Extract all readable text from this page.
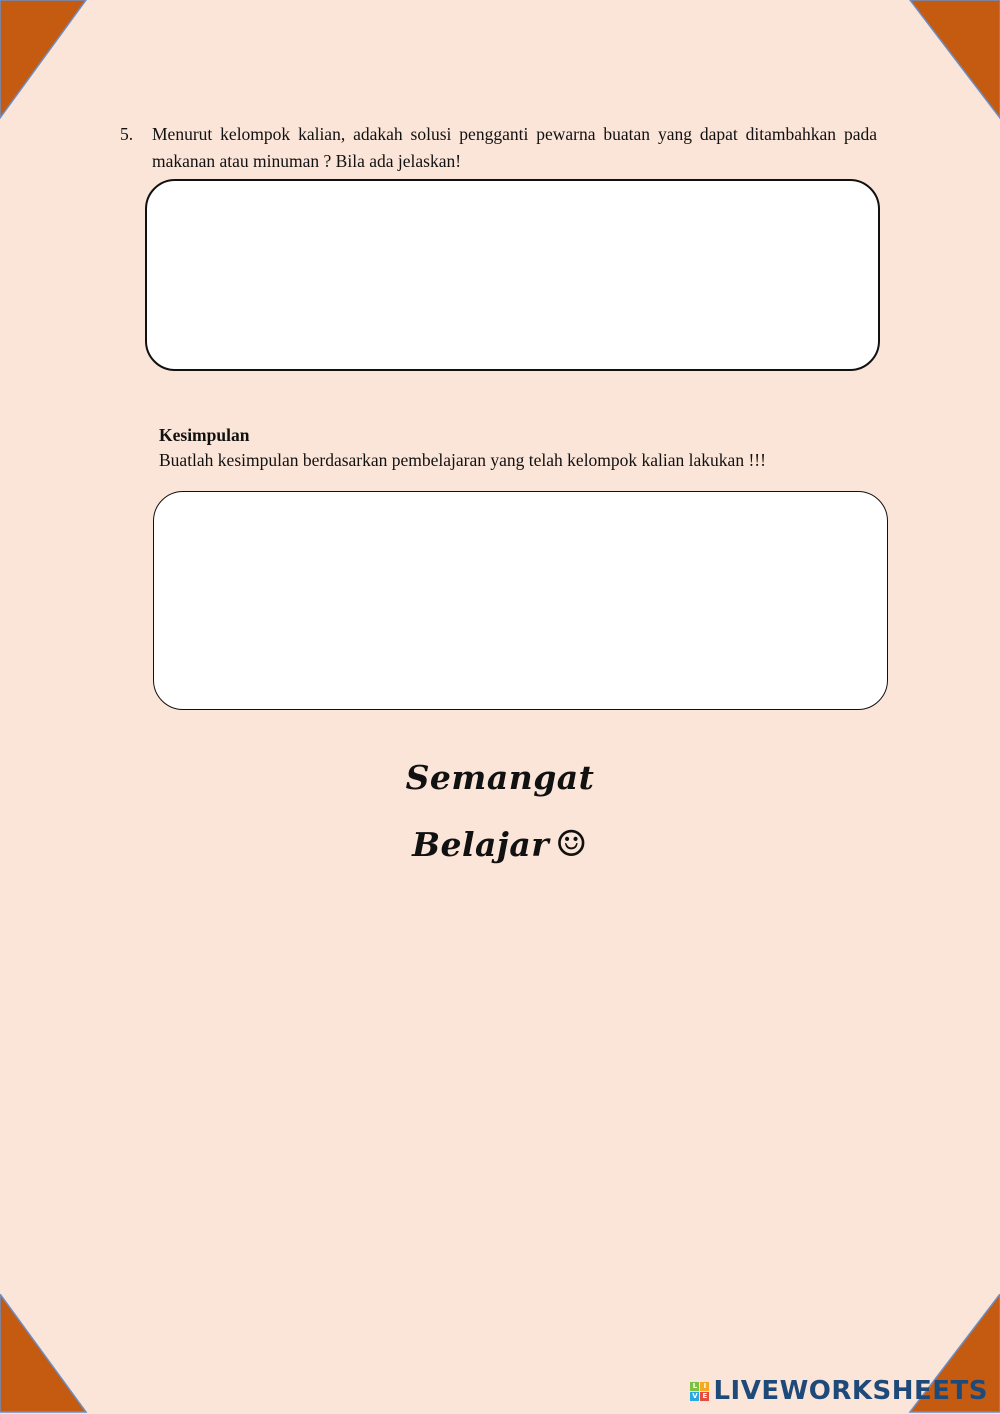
5. Menurut kelompok kalian, adakah solusi pengganti pewarna buatan yang dapat ditambahkan pada makanan atau minuman ? Bila ada jelaskan!
Kesimpulan
Buatlah kesimpulan berdasarkan pembelajaran yang telah kelompok kalian lakukan !!!
Semangat
Belajar ☺
L I
V E LIVEWORKSHEETS
